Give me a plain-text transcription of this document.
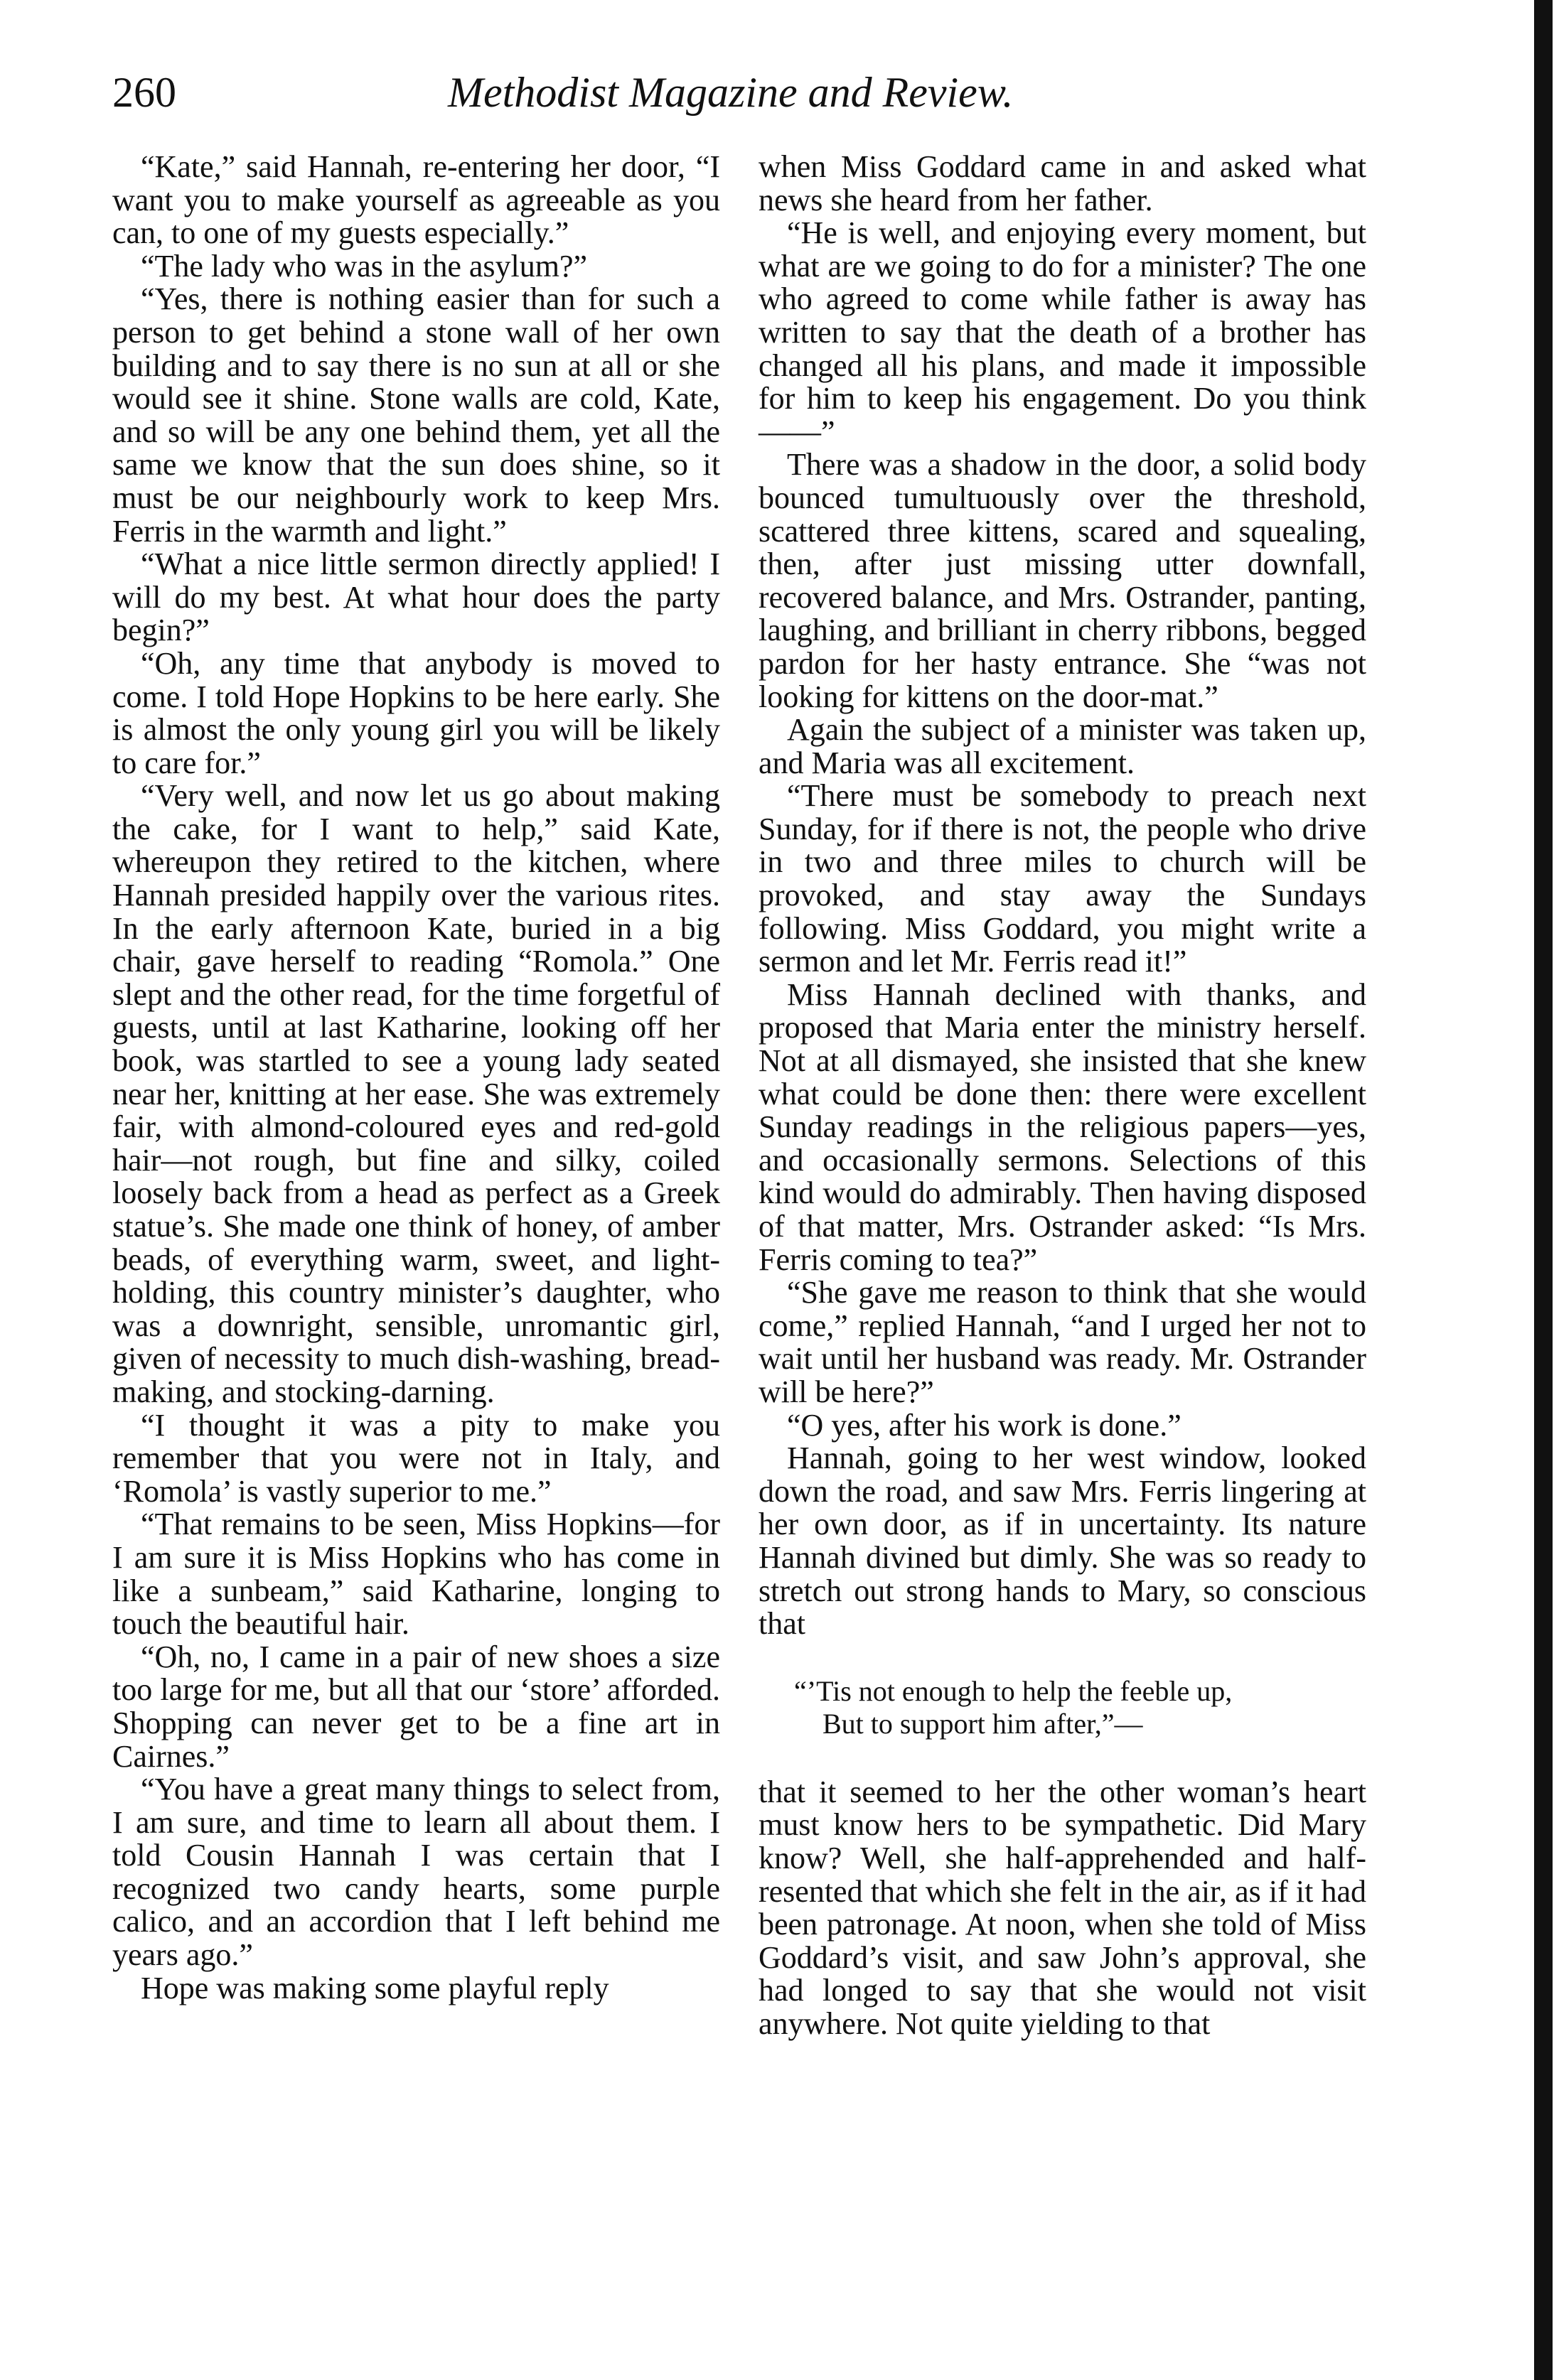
260	Methodist Magazine and Review.

“Kate,” said Hannah, re-entering her door, “I want you to make yourself as agreeable as you can, to one of my guests especially.”

“The lady who was in the asylum?”

“Yes, there is nothing easier than for such a person to get behind a stone wall of her own building and to say there is no sun at all or she would see it shine. Stone walls are cold, Kate, and so will be any one behind them, yet all the same we know that the sun does shine, so it must be our neighbourly work to keep Mrs. Ferris in the warmth and light.”

“What a nice little sermon directly applied! I will do my best. At what hour does the party begin?”

“Oh, any time that anybody is moved to come. I told Hope Hopkins to be here early. She is almost the only young girl you will be likely to care for.”

“Very well, and now let us go about making the cake, for I want to help,” said Kate, whereupon they retired to the kitchen, where Hannah presided happily over the various rites. In the early afternoon Kate, buried in a big chair, gave herself to reading “Romola.” One slept and the other read, for the time forgetful of guests, until at last Katharine, looking off her book, was startled to see a young lady seated near her, knitting at her ease. She was extremely fair, with almond-coloured eyes and red-gold hair—not rough, but fine and silky, coiled loosely back from a head as perfect as a Greek statue’s. She made one think of honey, of amber beads, of everything warm, sweet, and light-holding, this country minister’s daughter, who was a downright, sensible, unromantic girl, given of necessity to much dish-washing, bread-making, and stocking-darning.

“I thought it was a pity to make you remember that you were not in Italy, and ‘Romola’ is vastly superior to me.”

“That remains to be seen, Miss Hopkins—for I am sure it is Miss Hopkins who has come in like a sunbeam,” said Katharine, longing to touch the beautiful hair.

“Oh, no, I came in a pair of new shoes a size too large for me, but all that our ‘store’ afforded. Shopping can never get to be a fine art in Cairnes.”

“You have a great many things to select from, I am sure, and time to learn all about them. I told Cousin Hannah I was certain that I recognized two candy hearts, some purple calico, and an accordion that I left behind me years ago.”

Hope was making some playful reply

when Miss Goddard came in and asked what news she heard from her father.

“He is well, and enjoying every moment, but what are we going to do for a minister? The one who agreed to come while father is away has written to say that the death of a brother has changed all his plans, and made it impossible for him to keep his engagement. Do you think——”

There was a shadow in the door, a solid body bounced tumultuously over the threshold, scattered three kittens, scared and squealing, then, after just missing utter downfall, recovered balance, and Mrs. Ostrander, panting, laughing, and brilliant in cherry ribbons, begged pardon for her hasty entrance. She “was not looking for kittens on the door-mat.”

Again the subject of a minister was taken up, and Maria was all excitement.

“There must be somebody to preach next Sunday, for if there is not, the people who drive in two and three miles to church will be provoked, and stay away the Sundays following. Miss Goddard, you might write a sermon and let Mr. Ferris read it!”

Miss Hannah declined with thanks, and proposed that Maria enter the ministry herself. Not at all dismayed, she insisted that she knew what could be done then: there were excellent Sunday readings in the religious papers—yes, and occasionally sermons. Selections of this kind would do admirably. Then having disposed of that matter, Mrs. Ostrander asked: “Is Mrs. Ferris coming to tea?”

“She gave me reason to think that she would come,” replied Hannah, “and I urged her not to wait until her husband was ready. Mr. Ostrander will be here?”

“O yes, after his work is done.”

Hannah, going to her west window, looked down the road, and saw Mrs. Ferris lingering at her own door, as if in uncertainty. Its nature Hannah divined but dimly. She was so ready to stretch out strong hands to Mary, so conscious that

“’Tis not enough to help the feeble up,
But to support him after,”—

that it seemed to her the other woman’s heart must know hers to be sympathetic. Did Mary know? Well, she half-apprehended and half-resented that which she felt in the air, as if it had been patronage. At noon, when she told of Miss Goddard’s visit, and saw John’s approval, she had longed to say that she would not visit anywhere. Not quite yielding to that
